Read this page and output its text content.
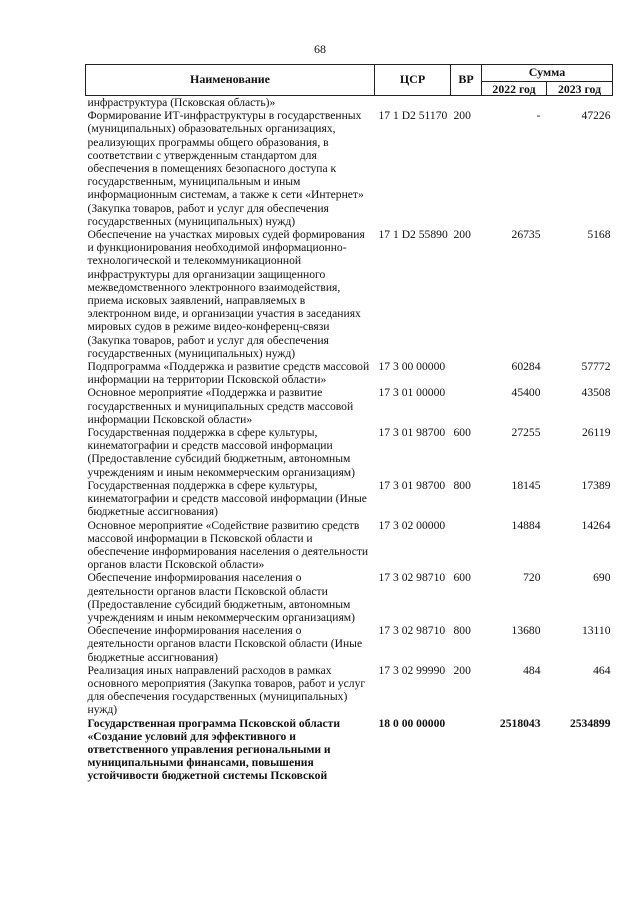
68
Наименование	ЦСР	ВР	Сумма	
			2022 год	2023 год
инфраструктура (Псковская область)»				
Формирование ИТ-инфраструктуры в государственных (муниципальных) образовательных организациях, реализующих программы общего образования, в соответствии с утвержденным стандартом для обеспечения в помещениях безопасного доступа к государственным, муниципальным и иным информационным системам, а также к сети «Интернет» (Закупка товаров, работ и услуг для обеспечения государственных (муниципальных) нужд)	17 1 D2 51170	200	-	47226
Обеспечение на участках мировых судей формирования и функционирования необходимой информационно-технологической и телекоммуникационной инфраструктуры для организации защищенного межведомственного электронного взаимодействия, приема исковых заявлений, направляемых в электронном виде, и организации участия в заседаниях мировых судов в режиме видео-конференц-связи (Закупка товаров, работ и услуг для обеспечения государственных (муниципальных) нужд)	17 1 D2 55890	200	26735	5168
Подпрограмма «Поддержка и развитие средств массовой информации на территории Псковской области»	17 3 00 00000		60284	57772
Основное мероприятие «Поддержка и развитие государственных и муниципальных средств массовой информации Псковской области»	17 3 01 00000		45400	43508
Государственная поддержка в сфере культуры, кинематографии и средств массовой информации (Предоставление субсидий бюджетным, автономным учреждениям и иным некоммерческим организациям)	17 3 01 98700	600	27255	26119
Государственная поддержка в сфере культуры, кинематографии и средств массовой информации (Иные бюджетные ассигнования)	17 3 01 98700	800	18145	17389
Основное мероприятие «Содействие развитию средств массовой информации в Псковской области и обеспечение информирования населения о деятельности органов власти Псковской области»	17 3 02 00000		14884	14264
Обеспечение информирования населения о деятельности органов власти Псковской области (Предоставление субсидий бюджетным, автономным учреждениям и иным некоммерческим организациям)	17 3 02 98710	600	720	690
Обеспечение информирования населения о деятельности органов власти Псковской области (Иные бюджетные ассигнования)	17 3 02 98710	800	13680	13110
Реализация иных направлений расходов в рамках основного мероприятия (Закупка товаров, работ и услуг для обеспечения государственных (муниципальных) нужд)	17 3 02 99990	200	484	464
Государственная программа Псковской области «Создание условий для эффективного и ответственного управления региональными и муниципальными финансами, повышения устойчивости бюджетной системы Псковской	18 0 00 00000		2518043	2534899
